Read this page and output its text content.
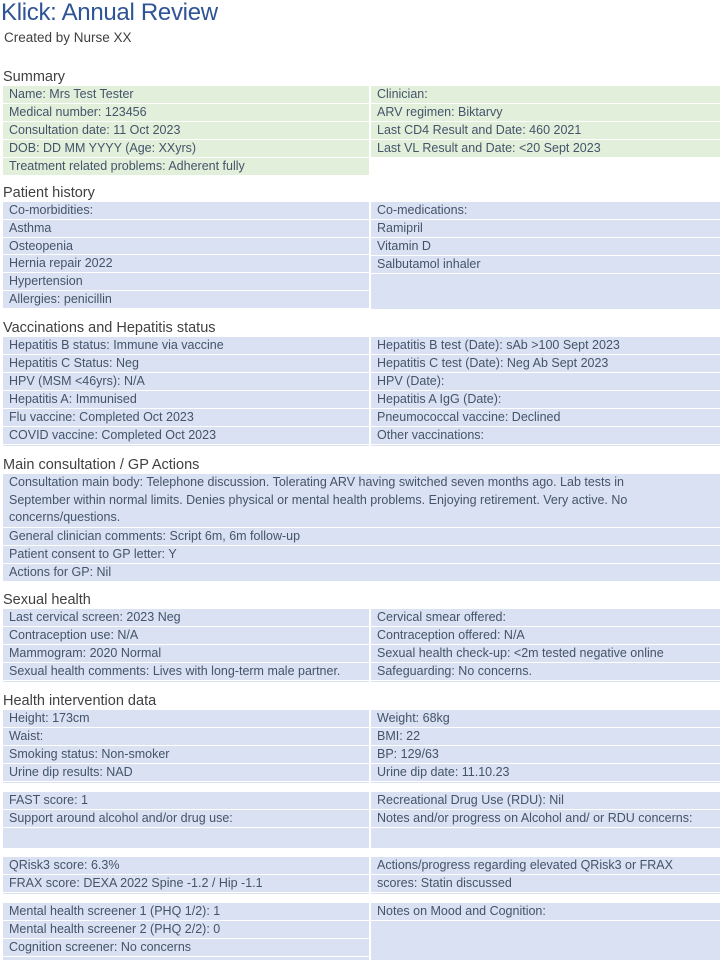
Klick: Annual Review
Created by Nurse XX
Summary
Name: Mrs Test Tester
Medical number: 123456
Consultation date: 11 Oct 2023
DOB: DD MM YYYY (Age: XXyrs)
Treatment related problems: Adherent fully
Clinician:
ARV regimen: Biktarvy
Last CD4 Result and Date: 460 2021
Last VL Result and Date: <20 Sept 2023
Patient history
Co-morbidities:
Asthma
Osteopenia
Hernia repair 2022
Hypertension
Allergies: penicillin
Co-medications:
Ramipril
Vitamin D
Salbutamol inhaler
Vaccinations and Hepatitis status
Hepatitis B status: Immune via vaccine
Hepatitis C Status: Neg
HPV (MSM <46yrs): N/A
Hepatitis A: Immunised
Flu vaccine: Completed Oct 2023
COVID vaccine: Completed Oct 2023
Hepatitis B test (Date): sAb >100 Sept 2023
Hepatitis C test (Date): Neg Ab Sept 2023
HPV (Date):
Hepatitis A IgG (Date):
Pneumococcal vaccine: Declined
Other vaccinations:
Main consultation / GP Actions
Consultation main body: Telephone discussion. Tolerating ARV having switched seven months ago. Lab tests in September within normal limits. Denies physical or mental health problems. Enjoying retirement. Very active. No concerns/questions.
General clinician comments: Script 6m, 6m follow-up
Patient consent to GP letter: Y
Actions for GP: Nil
Sexual health
Last cervical screen: 2023 Neg
Contraception use: N/A
Mammogram: 2020 Normal
Sexual health comments: Lives with long-term male partner.
Cervical smear offered:
Contraception offered: N/A
Sexual health check-up: <2m tested negative online
Safeguarding: No concerns.
Health intervention data
Height: 173cm
Waist:
Smoking status: Non-smoker
Urine dip results: NAD
Weight: 68kg
BMI: 22
BP: 129/63
Urine dip date: 11.10.23
FAST score: 1
Support around alcohol and/or drug use:
Recreational Drug Use (RDU): Nil
Notes and/or progress on Alcohol and/ or RDU concerns:
QRisk3 score: 6.3%
FRAX score: DEXA 2022 Spine -1.2 / Hip -1.1
Actions/progress regarding elevated QRisk3 or FRAX
scores: Statin discussed
Mental health screener 1 (PHQ 1/2): 1
Mental health screener 2 (PHQ 2/2): 0
Cognition screener: No concerns
Notes on Mood and Cognition:
